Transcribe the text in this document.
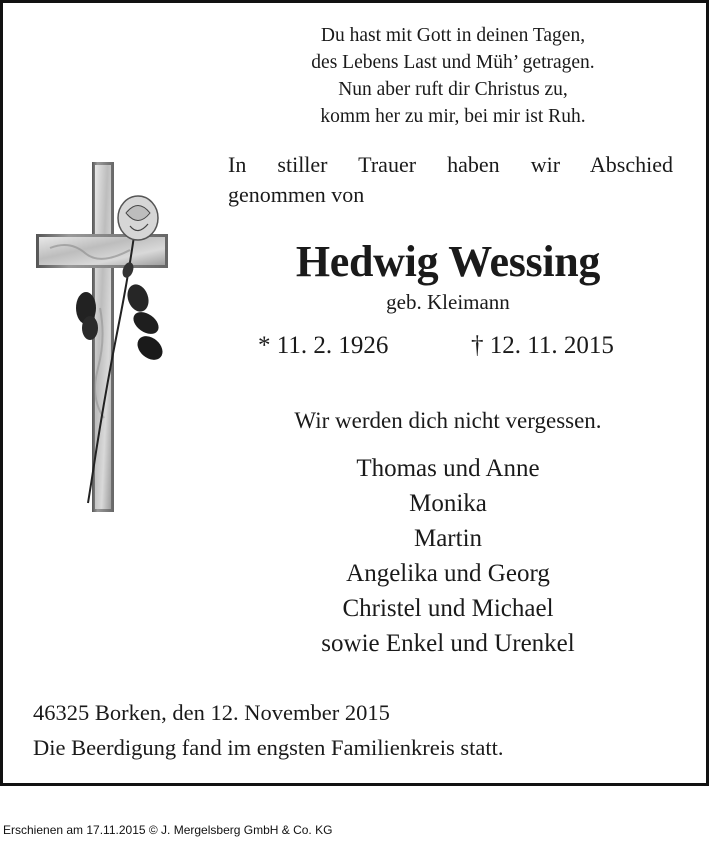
Du hast mit Gott in deinen Tagen,
des Lebens Last und Müh’ getragen.
Nun aber ruft dir Christus zu,
komm her zu mir, bei mir ist Ruh.
In stiller Trauer haben wir Abschied
genommen von
Hedwig Wessing
geb. Kleimann
* 11. 2. 1926	† 12. 11. 2015
Wir werden dich nicht vergessen.
Thomas und Anne
Monika
Martin
Angelika und Georg
Christel und Michael
sowie Enkel und Urenkel
46325 Borken, den 12. November 2015
Die Beerdigung fand im engsten Familienkreis statt.
Erschienen am 17.11.2015 © J. Mergelsberg GmbH & Co. KG
